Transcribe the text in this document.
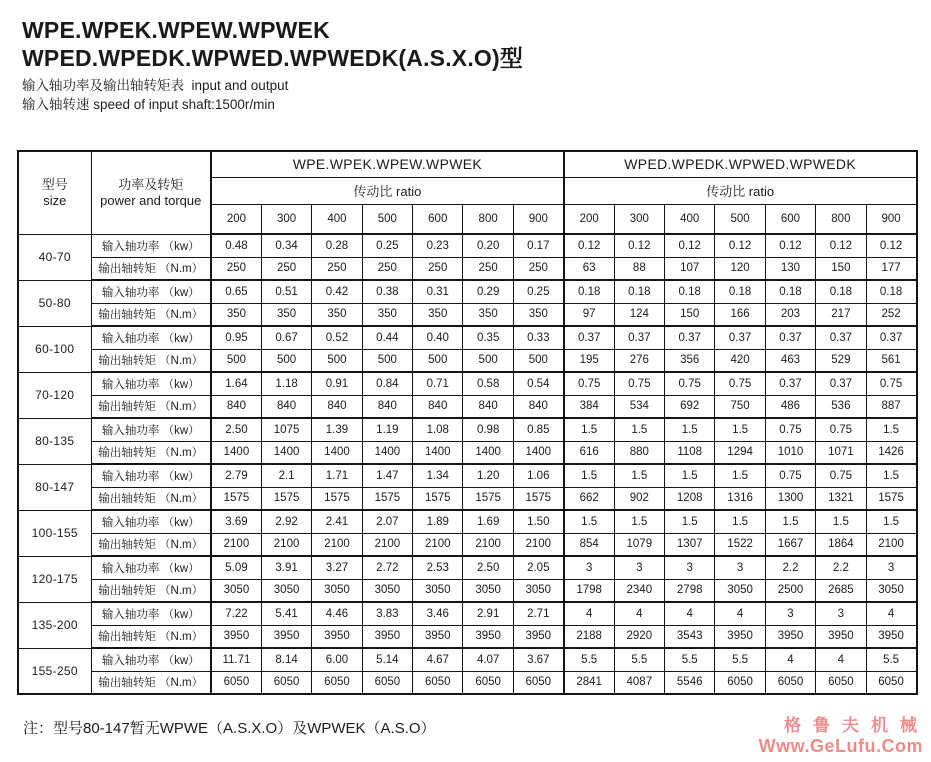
WPE.WPEK.WPEW.WPWEK
WPED.WPEDK.WPWED.WPWEDK(A.S.X.O)型
输入轴功率及输出轴转矩表  input and output
输入轴转速 speed of input shaft:1500r/min
型号
size

功率及转矩
power and torque
	WPE.WPEK.WPEW.WPWEK	WPED.WPEDK.WPWED.WPWEDK
		传动比 ratio							传动比 ratio						
		200	300	400	500	600	800	900	200	300	400	500	600	800	900
40-70	输入轴功率 （kw）	0.48	0.34	0.28	0.25	0.23	0.20	0.17	0.12	0.12	0.12	0.12	0.12	0.12	0.12
	输出轴转矩 （N.m）	250	250	250	250	250	250	250	63	88	107	120	130	150	177
50-80	输入轴功率 （kw）	0.65	0.51	0.42	0.38	0.31	0.29	0.25	0.18	0.18	0.18	0.18	0.18	0.18	0.18
	输出轴转矩 （N.m）	350	350	350	350	350	350	350	97	124	150	166	203	217	252
60-100	输入轴功率 （kw）	0.95	0.67	0.52	0.44	0.40	0.35	0.33	0.37	0.37	0.37	0.37	0.37	0.37	0.37
	输出轴转矩 （N.m）	500	500	500	500	500	500	500	195	276	356	420	463	529	561
70-120	输入轴功率 （kw）	1.64	1.18	0.91	0.84	0.71	0.58	0.54	0.75	0.75	0.75	0.75	0.37	0.37	0.75
	输出轴转矩 （N.m）	840	840	840	840	840	840	840	384	534	692	750	486	536	887
80-135	输入轴功率 （kw）	2.50	1075	1.39	1.19	1.08	0.98	0.85	1.5	1.5	1.5	1.5	0.75	0.75	1.5
	输出轴转矩 （N.m）	1400	1400	1400	1400	1400	1400	1400	616	880	1108	1294	1010	1071	1426
80-147	输入轴功率 （kw）	2.79	2.1	1.71	1.47	1.34	1.20	1.06	1.5	1.5	1.5	1.5	0.75	0.75	1.5
	输出轴转矩 （N.m）	1575	1575	1575	1575	1575	1575	1575	662	902	1208	1316	1300	1321	1575
100-155	输入轴功率 （kw）	3.69	2.92	2.41	2.07	1.89	1.69	1.50	1.5	1.5	1.5	1.5	1.5	1.5	1.5
	输出轴转矩 （N.m）	2100	2100	2100	2100	2100	2100	2100	854	1079	1307	1522	1667	1864	2100
120-175	输入轴功率 （kw）	5.09	3.91	3.27	2.72	2.53	2.50	2.05	3	3	3	3	2.2	2.2	3
	输出轴转矩 （N.m）	3050	3050	3050	3050	3050	3050	3050	1798	2340	2798	3050	2500	2685	3050
135-200	输入轴功率 （kw）	7.22	5.41	4.46	3.83	3.46	2.91	2.71	4	4	4	4	3	3	4
	输出轴转矩 （N.m）	3950	3950	3950	3950	3950	3950	3950	2188	2920	3543	3950	3950	3950	3950
155-250	输入轴功率 （kw）	11.71	8.14	6.00	5.14	4.67	4.07	3.67	5.5	5.5	5.5	5.5	4	4	5.5
	输出轴转矩 （N.m）	6050	6050	6050	6050	6050	6050	6050	2841	4087	5546	6050	6050	6050	6050
注：型号80-147暂无WPWE（A.S.X.O）及WPWEK（A.S.O）	格鲁夫机械
Www.GeLufu.Com
